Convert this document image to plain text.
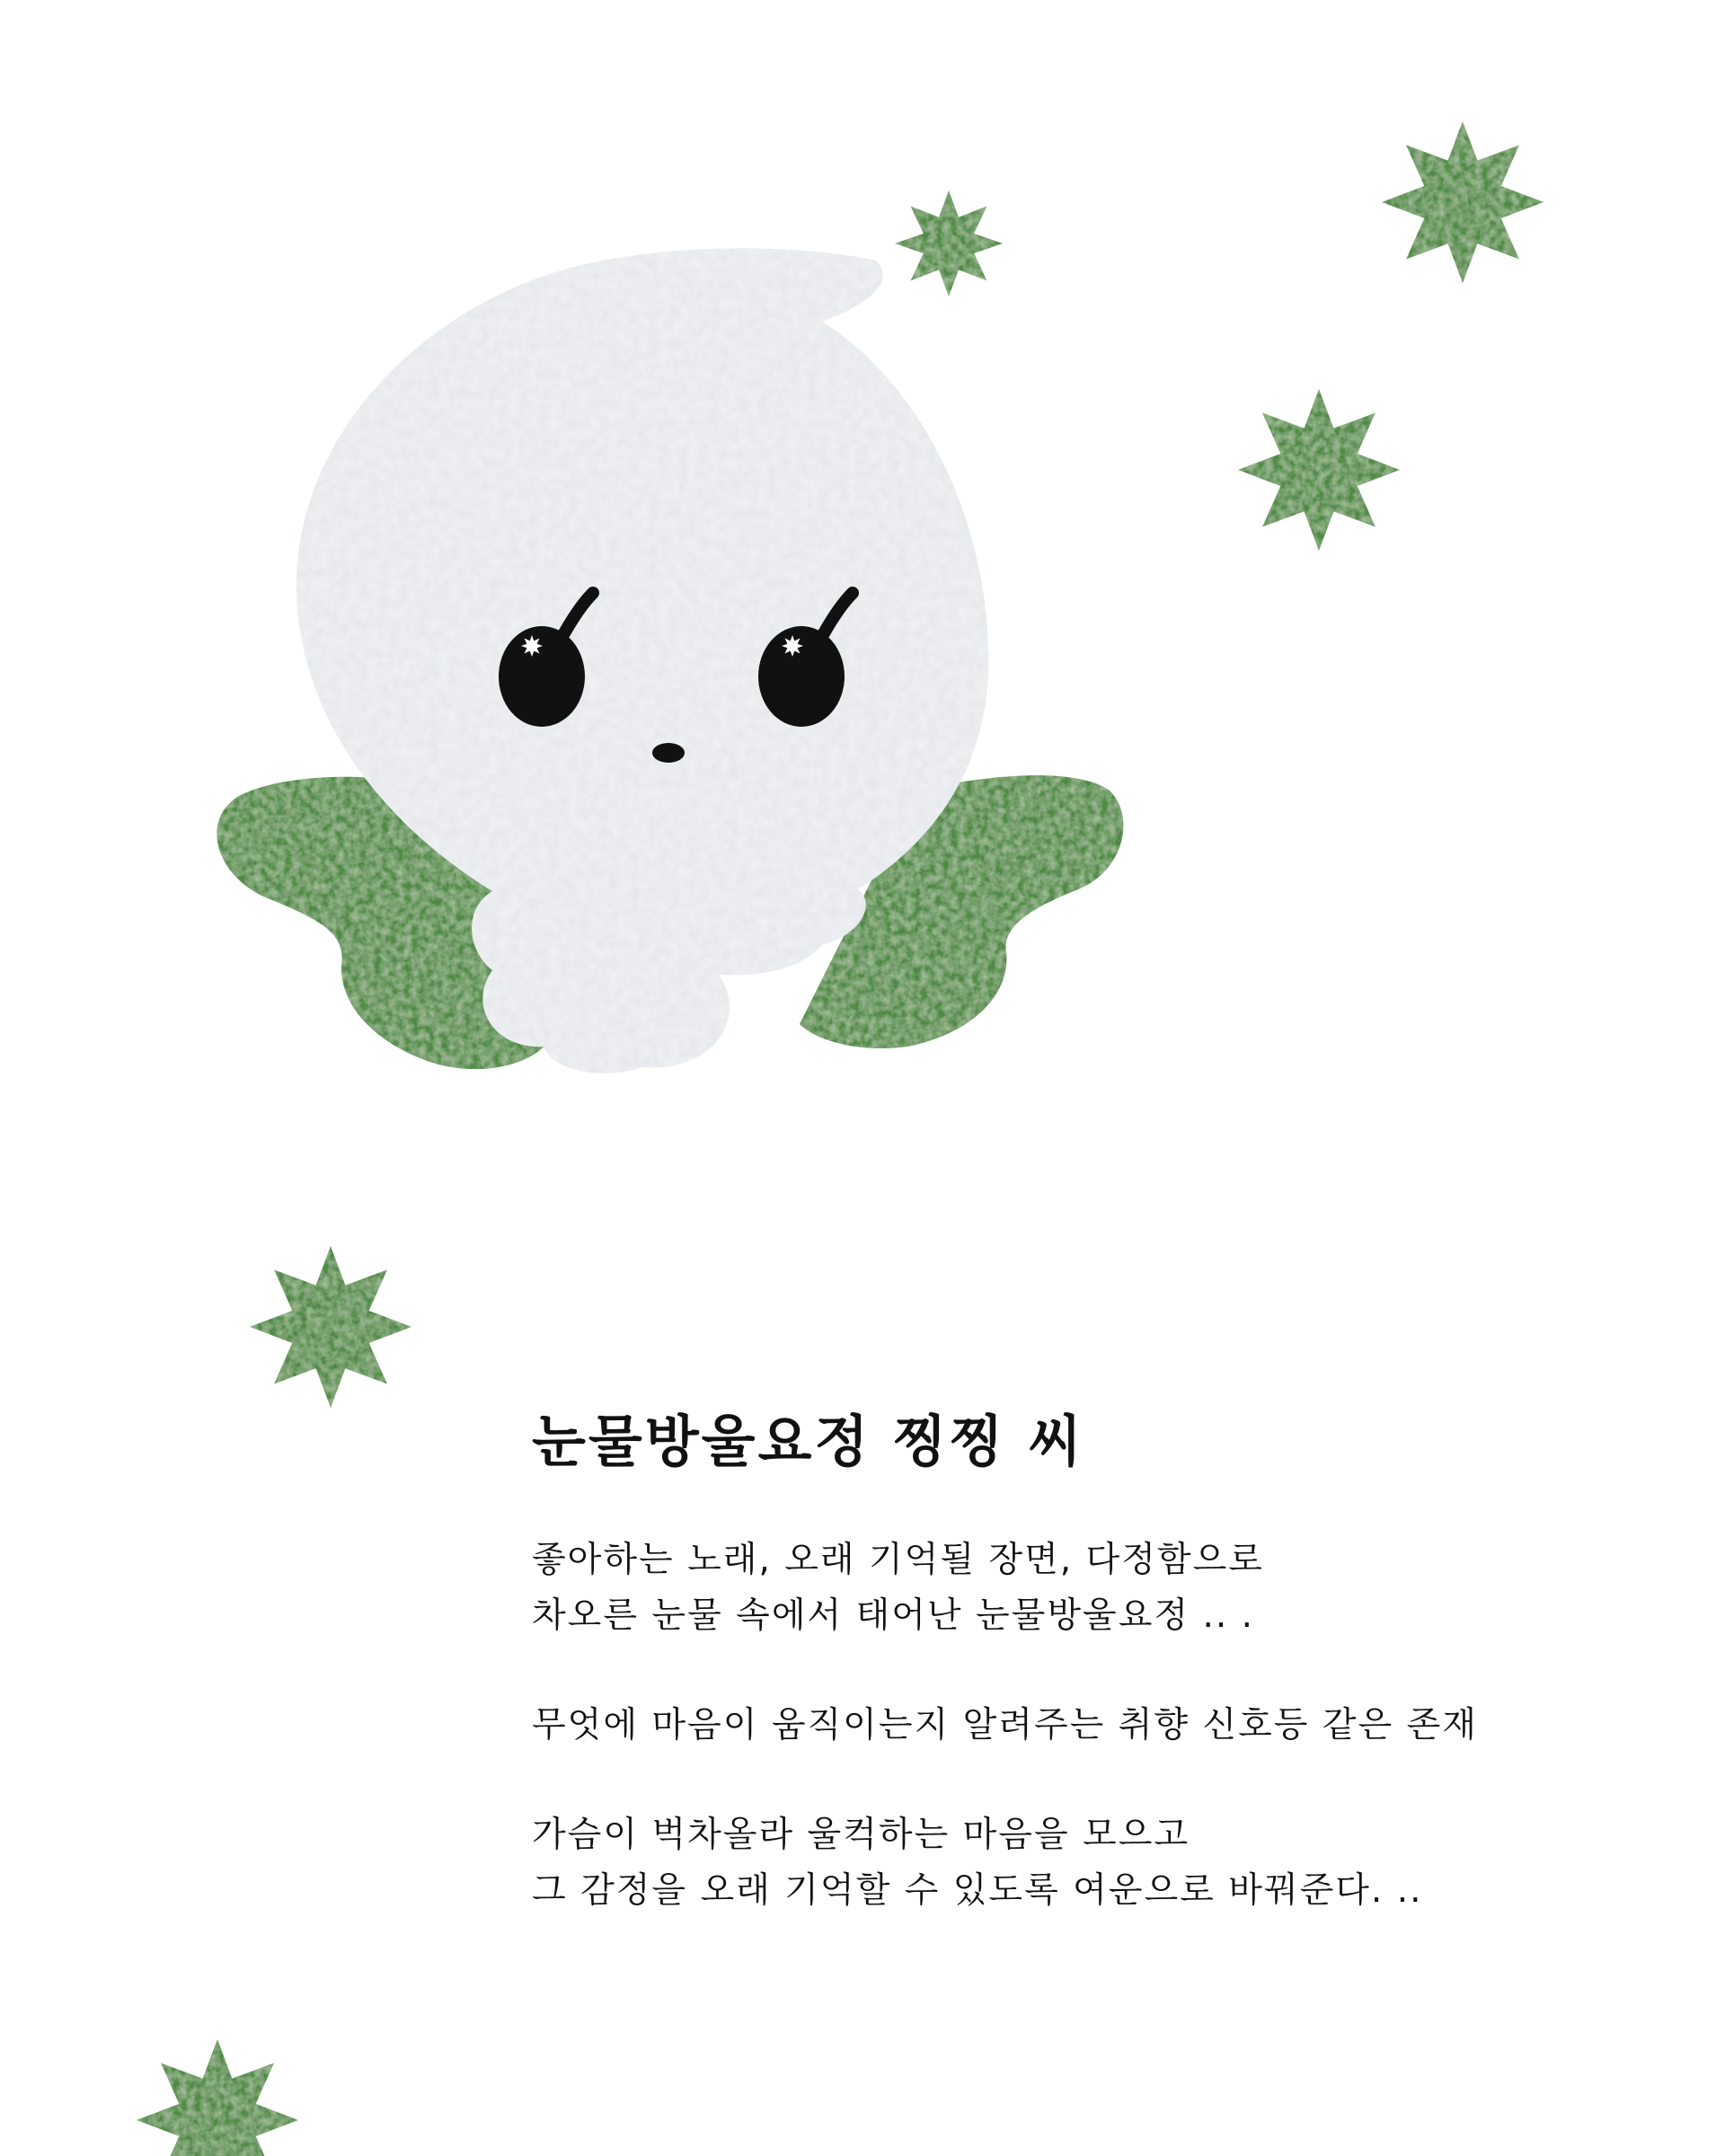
눈물방울요정 찡찡 씨
좋아하는 노래, 오래 기억될 장면, 다정함으로
차오른 눈물 속에서 태어난 눈물방울요정 .. .
무엇에 마음이 움직이는지 알려주는 취향 신호등 같은 존재
가슴이 벅차올라 울컥하는 마음을 모으고
그 감정을 오래 기억할 수 있도록 여운으로 바꿔준다. ..
